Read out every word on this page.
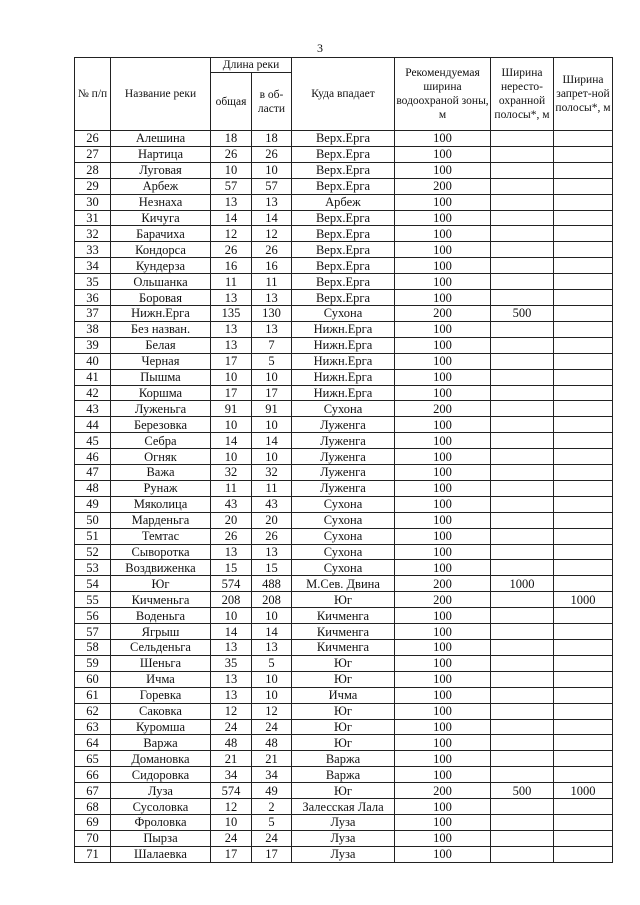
3
№ п/п	Название реки	Длина реки		Куда впадает	Рекомендуемая ширина водоохраной зоны, м	Ширина нересто-охранной полосы*, м	Ширина запрет-ной полосы*, м
		общая	в об-ласти				
26	Алешина	18	18	Верх.Ерга	100		
27	Нартица	26	26	Верх.Ерга	100		
28	Луговая	10	10	Верх.Ерга	100		
29	Арбеж	57	57	Верх.Ерга	200		
30	Незнаха	13	13	Арбеж	100		
31	Кичуга	14	14	Верх.Ерга	100		
32	Барачиха	12	12	Верх.Ерга	100		
33	Кондорса	26	26	Верх.Ерга	100		
34	Кундерза	16	16	Верх.Ерга	100		
35	Ольшанка	11	11	Верх.Ерга	100		
36	Боровая	13	13	Верх.Ерга	100		
37	Нижн.Ерга	135	130	Сухона	200	500	
38	Без назван.	13	13	Нижн.Ерга	100		
39	Белая	13	7	Нижн.Ерга	100		
40	Черная	17	5	Нижн.Ерга	100		
41	Пышма	10	10	Нижн.Ерга	100		
42	Коршма	17	17	Нижн.Ерга	100		
43	Луженьга	91	91	Сухона	200		
44	Березовка	10	10	Луженга	100		
45	Себра	14	14	Луженга	100		
46	Огняк	10	10	Луженга	100		
47	Важа	32	32	Луженга	100		
48	Рунаж	11	11	Луженга	100		
49	Мяколица	43	43	Сухона	100		
50	Марденьга	20	20	Сухона	100		
51	Темтас	26	26	Сухона	100		
52	Сыворотка	13	13	Сухона	100		
53	Воздвиженка	15	15	Сухона	100		
54	Юг	574	488	М.Сев. Двина	200	1000	
55	Кичменьга	208	208	Юг	200		1000
56	Воденьга	10	10	Кичменга	100		
57	Ягрыш	14	14	Кичменга	100		
58	Сельденьга	13	13	Кичменга	100		
59	Шеньга	35	5	Юг	100		
60	Ичма	13	10	Юг	100		
61	Горевка	13	10	Ичма	100		
62	Саковка	12	12	Юг	100		
63	Куромша	24	24	Юг	100		
64	Варжа	48	48	Юг	100		
65	Домановка	21	21	Варжа	100		
66	Сидоровка	34	34	Варжа	100		
67	Луза	574	49	Юг	200	500	1000
68	Сусоловка	12	2	Залесская Лала	100		
69	Фроловка	10	5	Луза	100		
70	Пырза	24	24	Луза	100		
71	Шалаевка	17	17	Луза	100		
